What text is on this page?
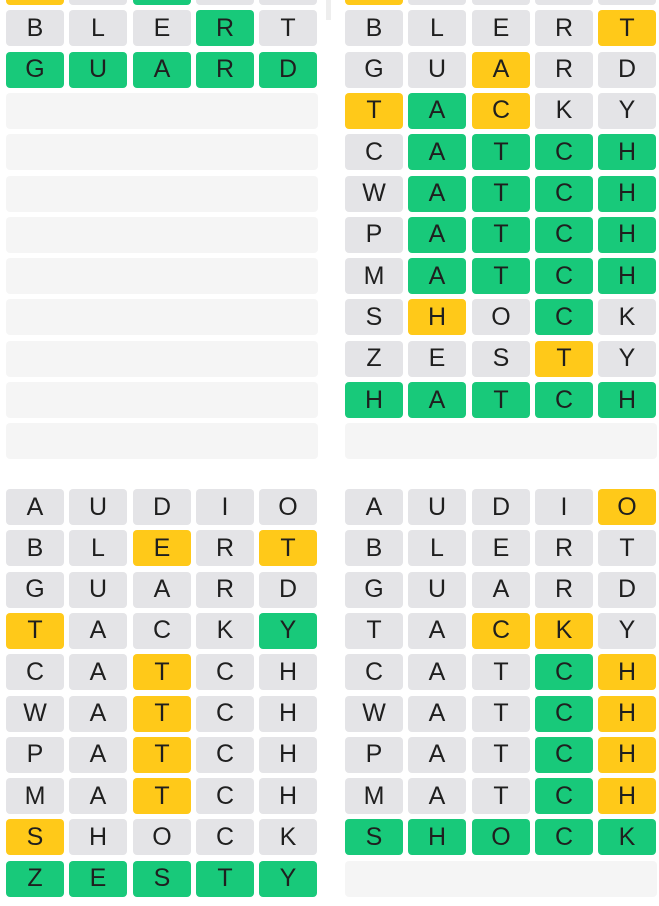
B	L	E	R	T
G	U	A	R	D
B	L	E	R	T
G	U	A	R	D
T	A	C	K	Y
C	A	T	C	H
W	A	T	C	H
P	A	T	C	H
M	A	T	C	H
S	H	O	C	K
Z	E	S	T	Y
H	A	T	C	H
A	U	D	I	O
B	L	E	R	T
G	U	A	R	D
T	A	C	K	Y
C	A	T	C	H
W	A	T	C	H
P	A	T	C	H
M	A	T	C	H
S	H	O	C	K
Z	E	S	T	Y
A	U	D	I	O
B	L	E	R	T
G	U	A	R	D
T	A	C	K	Y
C	A	T	C	H
W	A	T	C	H
P	A	T	C	H
M	A	T	C	H
S	H	O	C	K
